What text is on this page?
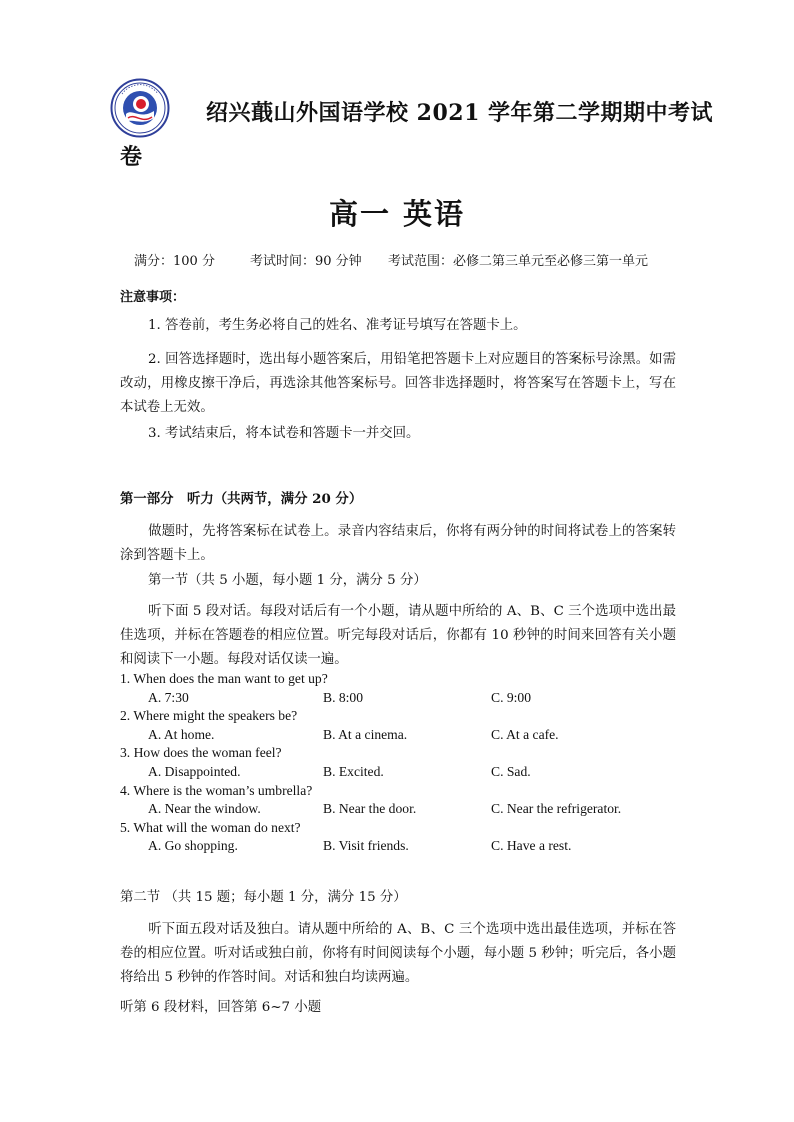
绍兴蕺山外国语学校 2021 学年第二学期期中考试
卷
高一 英语
满分：100 分	考试时间：90 分钟 考试范围：必修二第三单元至必修三第一单元
注意事项：

1. 答卷前，考生务必将自己的姓名、准考证号填写在答题卡上。

2. 回答选择题时，选出每小题答案后，用铅笔把答题卡上对应题目的答案标号涂黑。如需改动，用橡皮擦干净后，再选涂其他答案标号。回答非选择题时，将答案写在答题卡上，写在本试卷上无效。

3. 考试结束后，将本试卷和答题卡一并交回。

第一部分　听力（共两节，满分 20 分）

做题时，先将答案标在试卷上。录音内容结束后，你将有两分钟的时间将试卷上的答案转涂到答题卡上。

第一节（共 5 小题，每小题 1 分，满分 5 分）

听下面 5 段对话。每段对话后有一个小题，请从题中所给的 A、B、C 三个选项中选出最佳选项，并标在答题卷的相应位置。听完每段对话后，你都有 10 秒钟的时间来回答有关小题和阅读下一小题。每段对话仅读一遍。

1. When does the man want to get up?
A. 7:30	B. 8:00	C. 9:00
2. Where might the speakers be?
A. At home.	B. At a cinema.	C. At a cafe.
3. How does the woman feel?
A. Disappointed.	B. Excited.	C. Sad.
4. Where is the woman’s umbrella?
A. Near the window.	B. Near the door.	C. Near the refrigerator.
5. What will the woman do next?
A. Go shopping.	B. Visit friends.	C. Have a rest.

第二节 （共 15 题；每小题 1 分，满分 15 分）

听下面五段对话及独白。请从题中所给的 A、B、C 三个选项中选出最佳选项，并标在答卷的相应位置。听对话或独白前，你将有时间阅读每个小题，每小题 5 秒钟；听完后，各小题将给出 5 秒钟的作答时间。对话和独白均读两遍。

听第 6 段材料，回答第 6~7 小题
